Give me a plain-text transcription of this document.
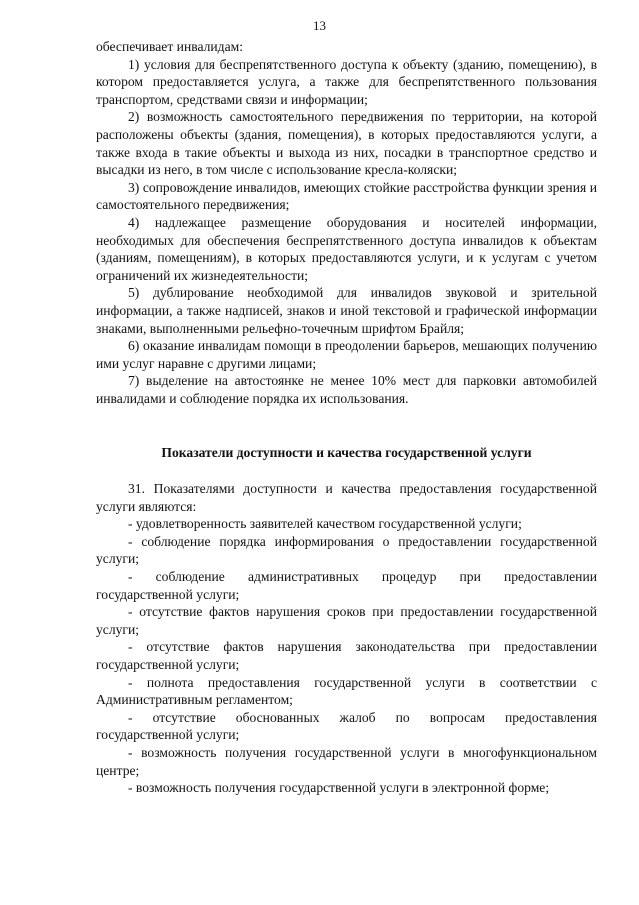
13

обеспечивает инвалидам:

1) условия для беспрепятственного доступа к объекту (зданию, помещению), в котором предоставляется услуга, а также для беспрепятственного пользования транспортом, средствами связи и информации;

2) возможность самостоятельного передвижения по территории, на которой расположены объекты (здания, помещения), в которых предоставляются услуги, а также входа в такие объекты и выхода из них, посадки в транспортное средство и высадки из него, в том числе с использование кресла-коляски;

3) сопровождение инвалидов, имеющих стойкие расстройства функции зрения и самостоятельного передвижения;

4) надлежащее размещение оборудования и носителей информации, необходимых для обеспечения беспрепятственного доступа инвалидов к объектам (зданиям, помещениям), в которых предоставляются услуги, и к услугам с учетом ограничений их жизнедеятельности;

5) дублирование необходимой для инвалидов звуковой и зрительной информации, а также надписей, знаков и иной текстовой и графической информации знаками, выполненными рельефно-точечным шрифтом Брайля;

6) оказание инвалидам помощи в преодолении барьеров, мешающих получению ими услуг наравне с другими лицами;

7) выделение на автостоянке не менее 10% мест для парковки автомобилей инвалидами и соблюдение порядка их использования.

Показатели доступности и качества государственной услуги

31. Показателями доступности и качества предоставления государственной услуги являются:

- удовлетворенность заявителей качеством государственной услуги;

- соблюдение порядка информирования о предоставлении государственной услуги;

- соблюдение административных процедур при предоставлении государственной услуги;

- отсутствие фактов нарушения сроков при предоставлении государственной услуги;

- отсутствие фактов нарушения законодательства при предоставлении государственной услуги;

- полнота предоставления государственной услуги в соответствии с Административным регламентом;

- отсутствие обоснованных жалоб по вопросам предоставления государственной услуги;

- возможность получения государственной услуги в многофункциональном центре;

- возможность получения государственной услуги в электронной форме;
